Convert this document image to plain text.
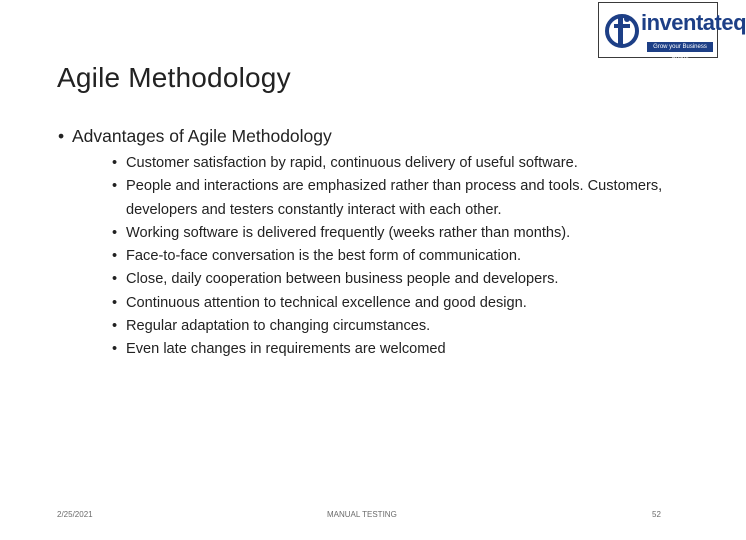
inventateq
Grow your Business Online
Agile Methodology
• Advantages of Agile Methodology
• Customer satisfaction by rapid, continuous delivery of useful software.
• People and interactions are emphasized rather than process and tools. Customers, developers and testers constantly interact with each other.
• Working software is delivered frequently (weeks rather than months).
• Face-to-face conversation is the best form of communication.
• Close, daily cooperation between business people and developers.
• Continuous attention to technical excellence and good design.
• Regular adaptation to changing circumstances.
• Even late changes in requirements are welcomed
2/25/2021	MANUAL TESTING	52
